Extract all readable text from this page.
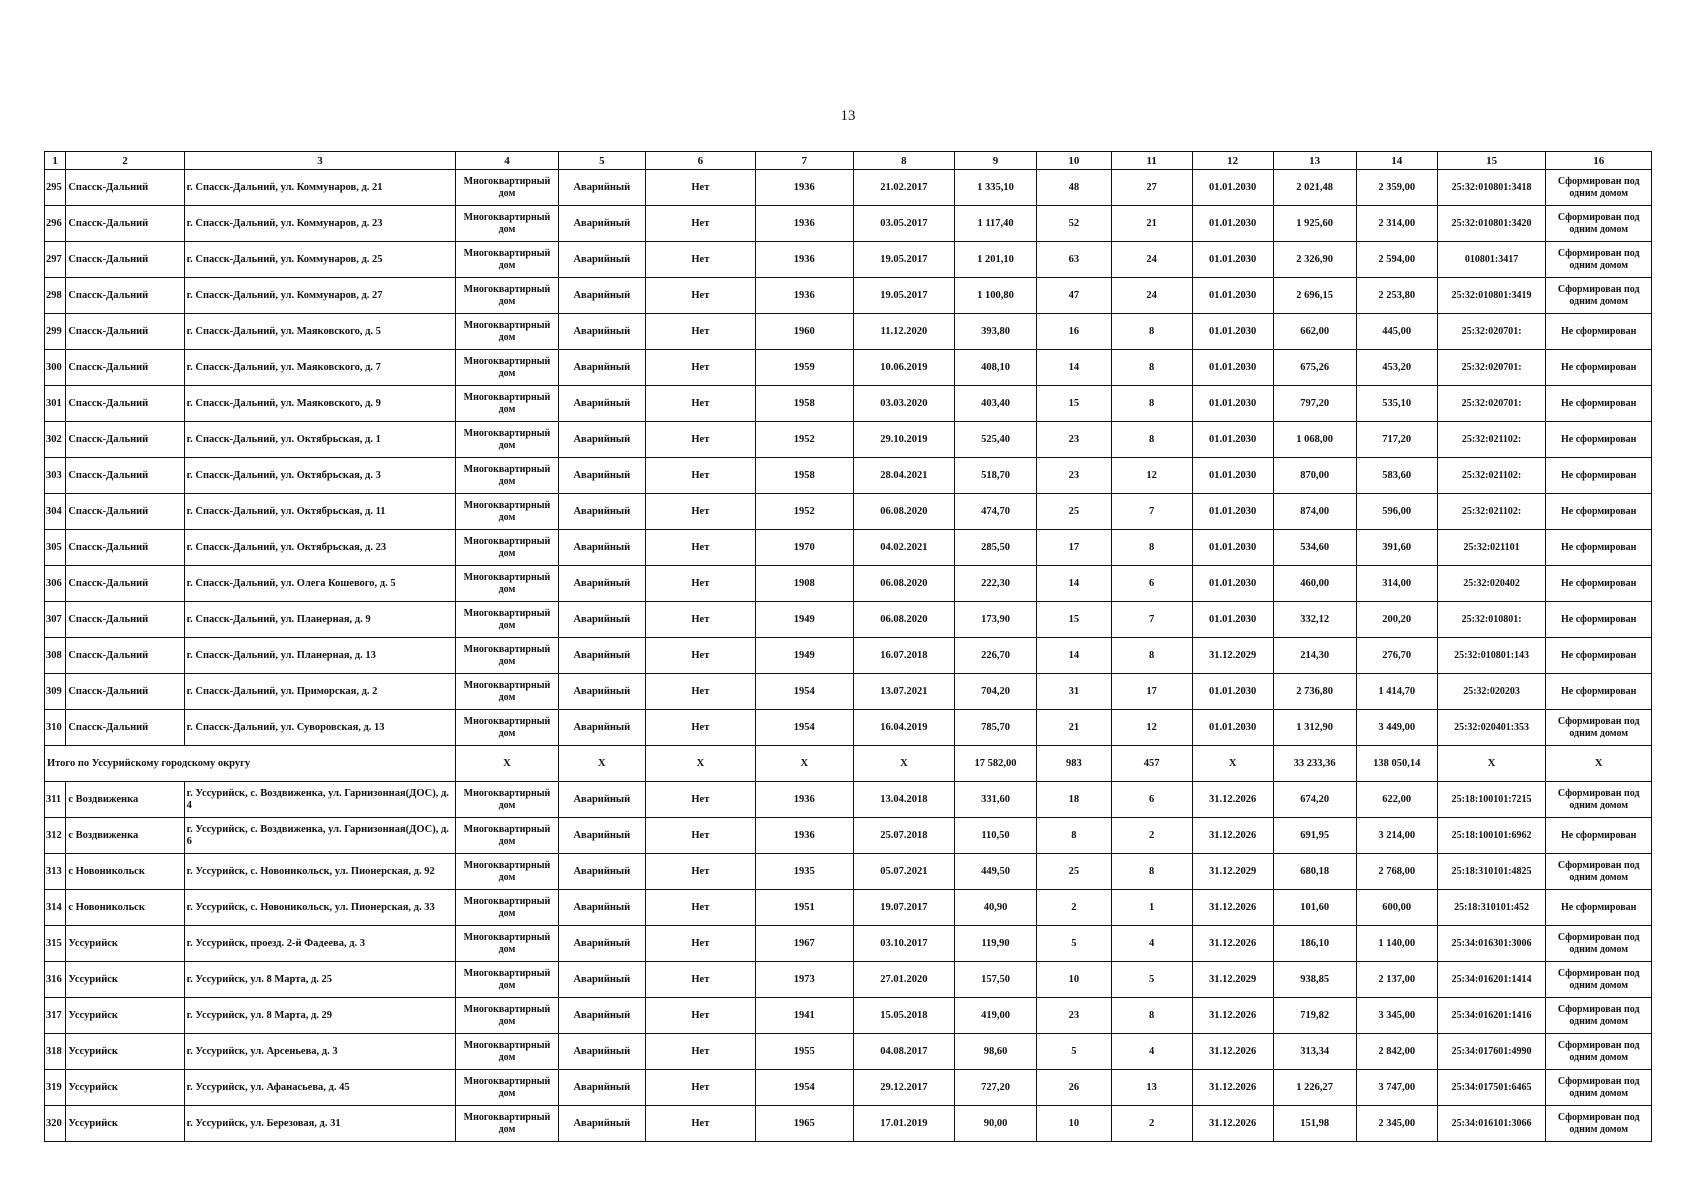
13
1	2	3	4	5	6	7	8	9	10	11	12	13	14	15	16
295	Спасск-Дальний	г. Спасск-Дальний, ул. Коммунаров, д. 21	Многоквартирный дом	Аварийный	Нет	1936	21.02.2017	1 335,10	48	27	01.01.2030	2 021,48	2 359,00	25:32:010801:3418	Сформирован под одним домом
296	Спасск-Дальний	г. Спасск-Дальний, ул. Коммунаров, д. 23	Многоквартирный дом	Аварийный	Нет	1936	03.05.2017	1 117,40	52	21	01.01.2030	1 925,60	2 314,00	25:32:010801:3420	Сформирован под одним домом
297	Спасск-Дальний	г. Спасск-Дальний, ул. Коммунаров, д. 25	Многоквартирный дом	Аварийный	Нет	1936	19.05.2017	1 201,10	63	24	01.01.2030	2 326,90	2 594,00	010801:3417	Сформирован под одним домом
298	Спасск-Дальний	г. Спасск-Дальний, ул. Коммунаров, д. 27	Многоквартирный дом	Аварийный	Нет	1936	19.05.2017	1 100,80	47	24	01.01.2030	2 696,15	2 253,80	25:32:010801:3419	Сформирован под одним домом
299	Спасск-Дальний	г. Спасск-Дальний, ул. Маяковского, д. 5	Многоквартирный дом	Аварийный	Нет	1960	11.12.2020	393,80	16	8	01.01.2030	662,00	445,00	25:32:020701:	Не сформирован
300	Спасск-Дальний	г. Спасск-Дальний, ул. Маяковского, д. 7	Многоквартирный дом	Аварийный	Нет	1959	10.06.2019	408,10	14	8	01.01.2030	675,26	453,20	25:32:020701:	Не сформирован
301	Спасск-Дальний	г. Спасск-Дальний, ул. Маяковского, д. 9	Многоквартирный дом	Аварийный	Нет	1958	03.03.2020	403,40	15	8	01.01.2030	797,20	535,10	25:32:020701:	Не сформирован
302	Спасск-Дальний	г. Спасск-Дальний, ул. Октябрьская, д. 1	Многоквартирный дом	Аварийный	Нет	1952	29.10.2019	525,40	23	8	01.01.2030	1 068,00	717,20	25:32:021102:	Не сформирован
303	Спасск-Дальний	г. Спасск-Дальний, ул. Октябрьская, д. 3	Многоквартирный дом	Аварийный	Нет	1958	28.04.2021	518,70	23	12	01.01.2030	870,00	583,60	25:32:021102:	Не сформирован
304	Спасск-Дальний	г. Спасск-Дальний, ул. Октябрьская, д. 11	Многоквартирный дом	Аварийный	Нет	1952	06.08.2020	474,70	25	7	01.01.2030	874,00	596,00	25:32:021102:	Не сформирован
305	Спасск-Дальний	г. Спасск-Дальний, ул. Октябрьская, д. 23	Многоквартирный дом	Аварийный	Нет	1970	04.02.2021	285,50	17	8	01.01.2030	534,60	391,60	25:32:021101	Не сформирован
306	Спасск-Дальний	г. Спасск-Дальний, ул. Олега Кошевого, д. 5	Многоквартирный дом	Аварийный	Нет	1908	06.08.2020	222,30	14	6	01.01.2030	460,00	314,00	25:32:020402	Не сформирован
307	Спасск-Дальний	г. Спасск-Дальний, ул. Планерная, д. 9	Многоквартирный дом	Аварийный	Нет	1949	06.08.2020	173,90	15	7	01.01.2030	332,12	200,20	25:32:010801:	Не сформирован
308	Спасск-Дальний	г. Спасск-Дальний, ул. Планерная, д. 13	Многоквартирный дом	Аварийный	Нет	1949	16.07.2018	226,70	14	8	31.12.2029	214,30	276,70	25:32:010801:143	Не сформирован
309	Спасск-Дальний	г. Спасск-Дальний, ул. Приморская, д. 2	Многоквартирный дом	Аварийный	Нет	1954	13.07.2021	704,20	31	17	01.01.2030	2 736,80	1 414,70	25:32:020203	Не сформирован
310	Спасск-Дальний	г. Спасск-Дальний, ул. Суворовская, д. 13	Многоквартирный дом	Аварийный	Нет	1954	16.04.2019	785,70	21	12	01.01.2030	1 312,90	3 449,00	25:32:020401:353	Сформирован под одним домом
Итого по Уссурийскому городскому округу			X	X	X	X	X	17 582,00	983	457	X	33 233,36	138 050,14	X	X
311	с Воздвиженка	г. Уссурийск, с. Воздвиженка, ул. Гарнизонная(ДОС), д. 4	Многоквартирный дом	Аварийный	Нет	1936	13.04.2018	331,60	18	6	31.12.2026	674,20	622,00	25:18:100101:7215	Сформирован под одним домом
312	с Воздвиженка	г. Уссурийск, с. Воздвиженка, ул. Гарнизонная(ДОС), д. 6	Многоквартирный дом	Аварийный	Нет	1936	25.07.2018	110,50	8	2	31.12.2026	691,95	3 214,00	25:18:100101:6962	Не сформирован
313	с Новоникольск	г. Уссурийск, с. Новоникольск, ул. Пионерская, д. 92	Многоквартирный дом	Аварийный	Нет	1935	05.07.2021	449,50	25	8	31.12.2029	680,18	2 768,00	25:18:310101:4825	Сформирован под одним домом
314	с Новоникольск	г. Уссурийск, с. Новоникольск, ул. Пионерская, д. 33	Многоквартирный дом	Аварийный	Нет	1951	19.07.2017	40,90	2	1	31.12.2026	101,60	600,00	25:18:310101:452	Не сформирован
315	Уссурийск	г. Уссурийск, проезд. 2-й Фадеева, д. 3	Многоквартирный дом	Аварийный	Нет	1967	03.10.2017	119,90	5	4	31.12.2026	186,10	1 140,00	25:34:016301:3006	Сформирован под одним домом
316	Уссурийск	г. Уссурийск, ул. 8 Марта, д. 25	Многоквартирный дом	Аварийный	Нет	1973	27.01.2020	157,50	10	5	31.12.2029	938,85	2 137,00	25:34:016201:1414	Сформирован под одним домом
317	Уссурийск	г. Уссурийск, ул. 8 Марта, д. 29	Многоквартирный дом	Аварийный	Нет	1941	15.05.2018	419,00	23	8	31.12.2026	719,82	3 345,00	25:34:016201:1416	Сформирован под одним домом
318	Уссурийск	г. Уссурийск, ул. Арсеньева, д. 3	Многоквартирный дом	Аварийный	Нет	1955	04.08.2017	98,60	5	4	31.12.2026	313,34	2 842,00	25:34:017601:4990	Сформирован под одним домом
319	Уссурийск	г. Уссурийск, ул. Афанасьева, д. 45	Многоквартирный дом	Аварийный	Нет	1954	29.12.2017	727,20	26	13	31.12.2026	1 226,27	3 747,00	25:34:017501:6465	Сформирован под одним домом
320	Уссурийск	г. Уссурийск, ул. Березовая, д. 31	Многоквартирный дом	Аварийный	Нет	1965	17.01.2019	90,00	10	2	31.12.2026	151,98	2 345,00	25:34:016101:3066	Сформирован под одним домом
